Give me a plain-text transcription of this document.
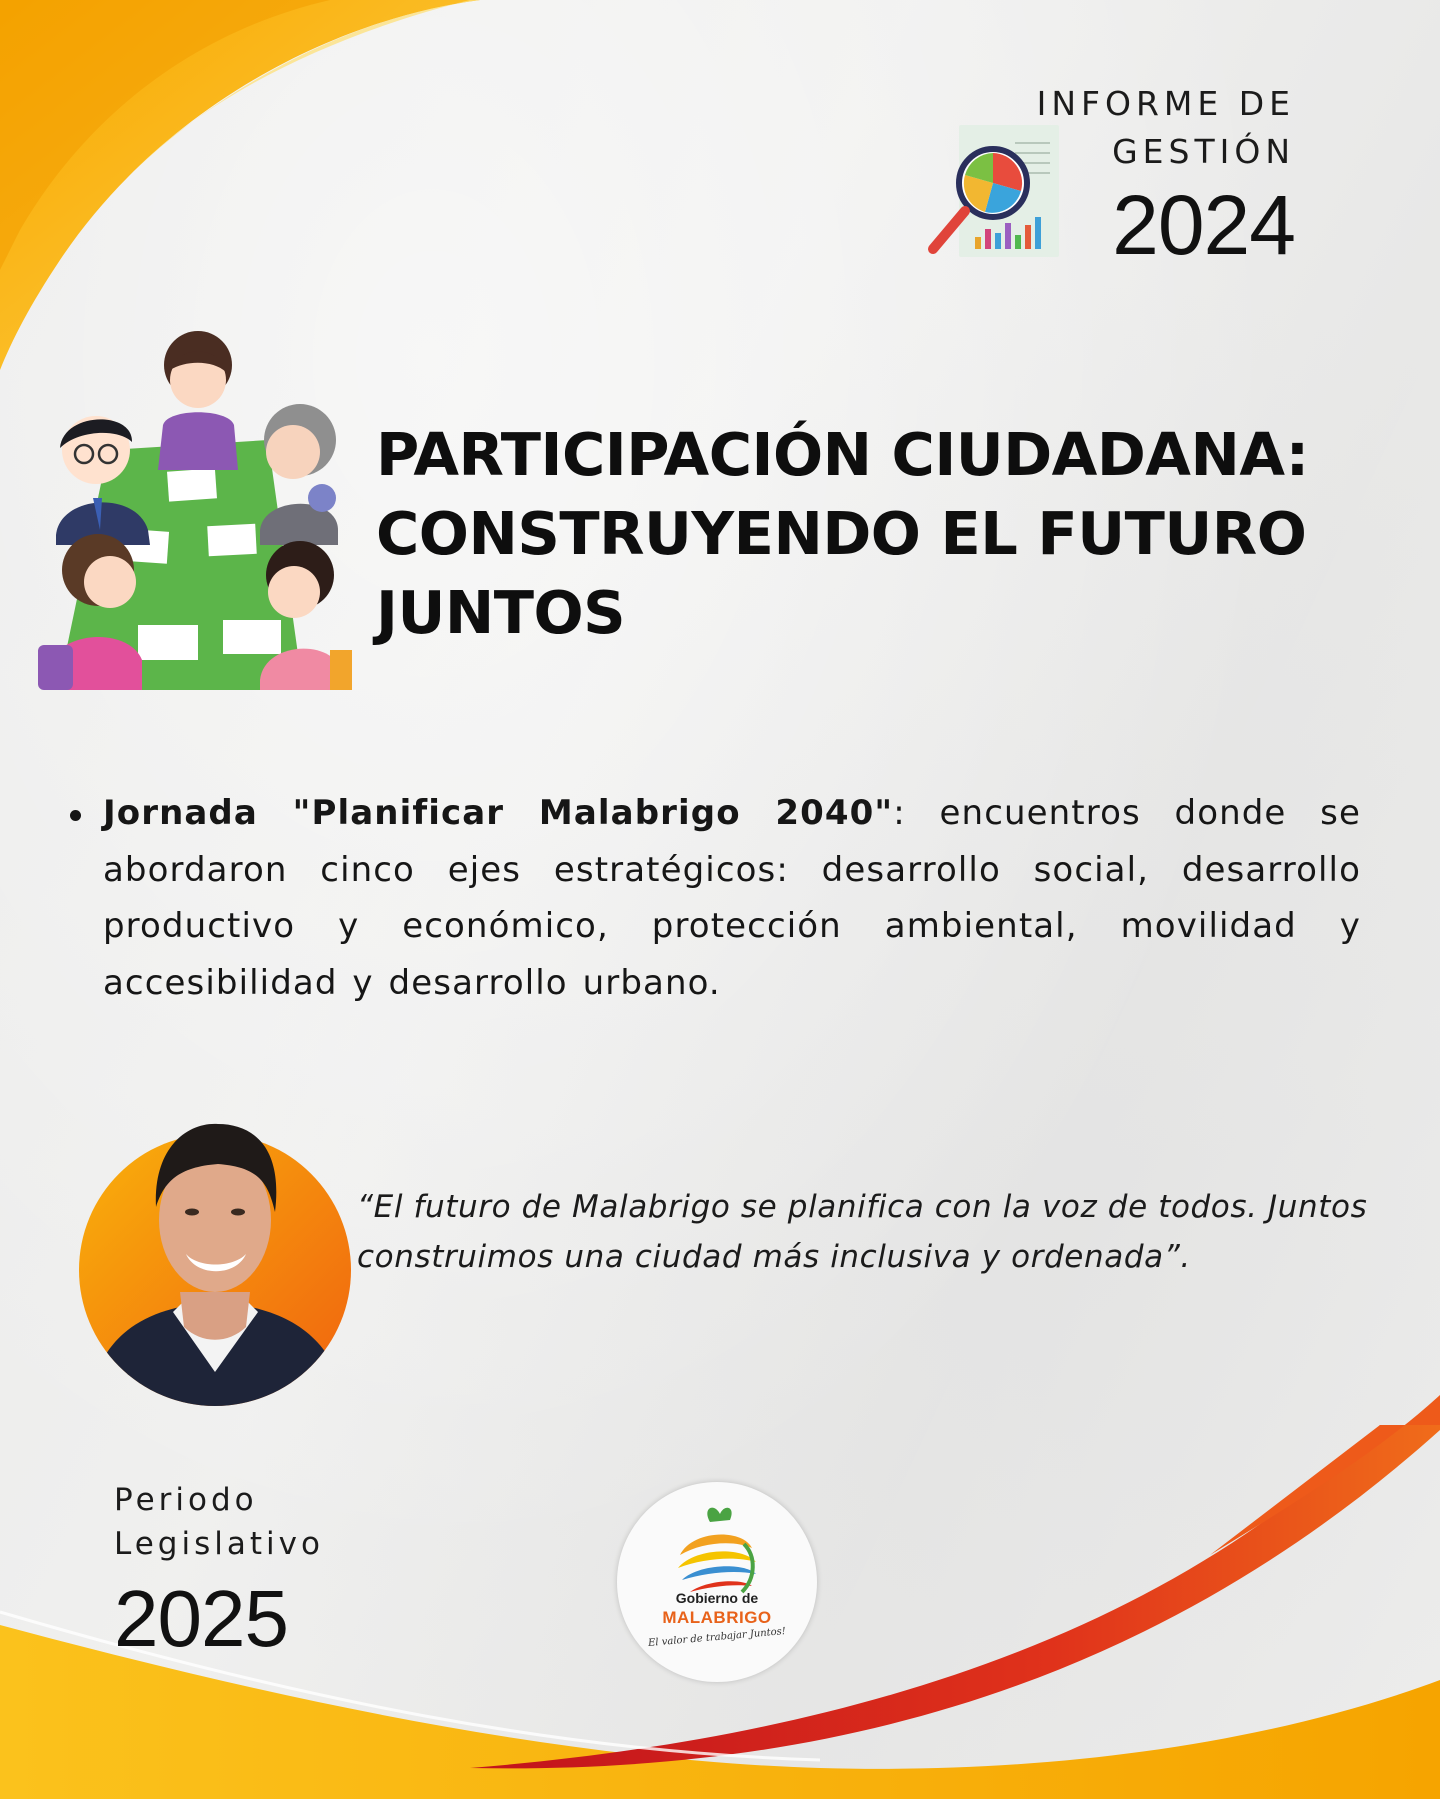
INFORME DE
GESTIÓN
2024
PARTICIPACIÓN CIUDADANA:
CONSTRUYENDO EL FUTURO
JUNTOS
Jornada "Planificar Malabrigo 2040": encuentros donde se abordaron cinco ejes estratégicos: desarrollo social, desarrollo productivo y económico, protección ambiental, movilidad y accesibilidad y desarrollo urbano.
“El futuro de Malabrigo se planifica con la voz de todos. Juntos construimos una ciudad más inclusiva y ordenada”.
Periodo
Legislativo
2025	Gobierno de
MALABRIGO
El valor de trabajar Juntos!
